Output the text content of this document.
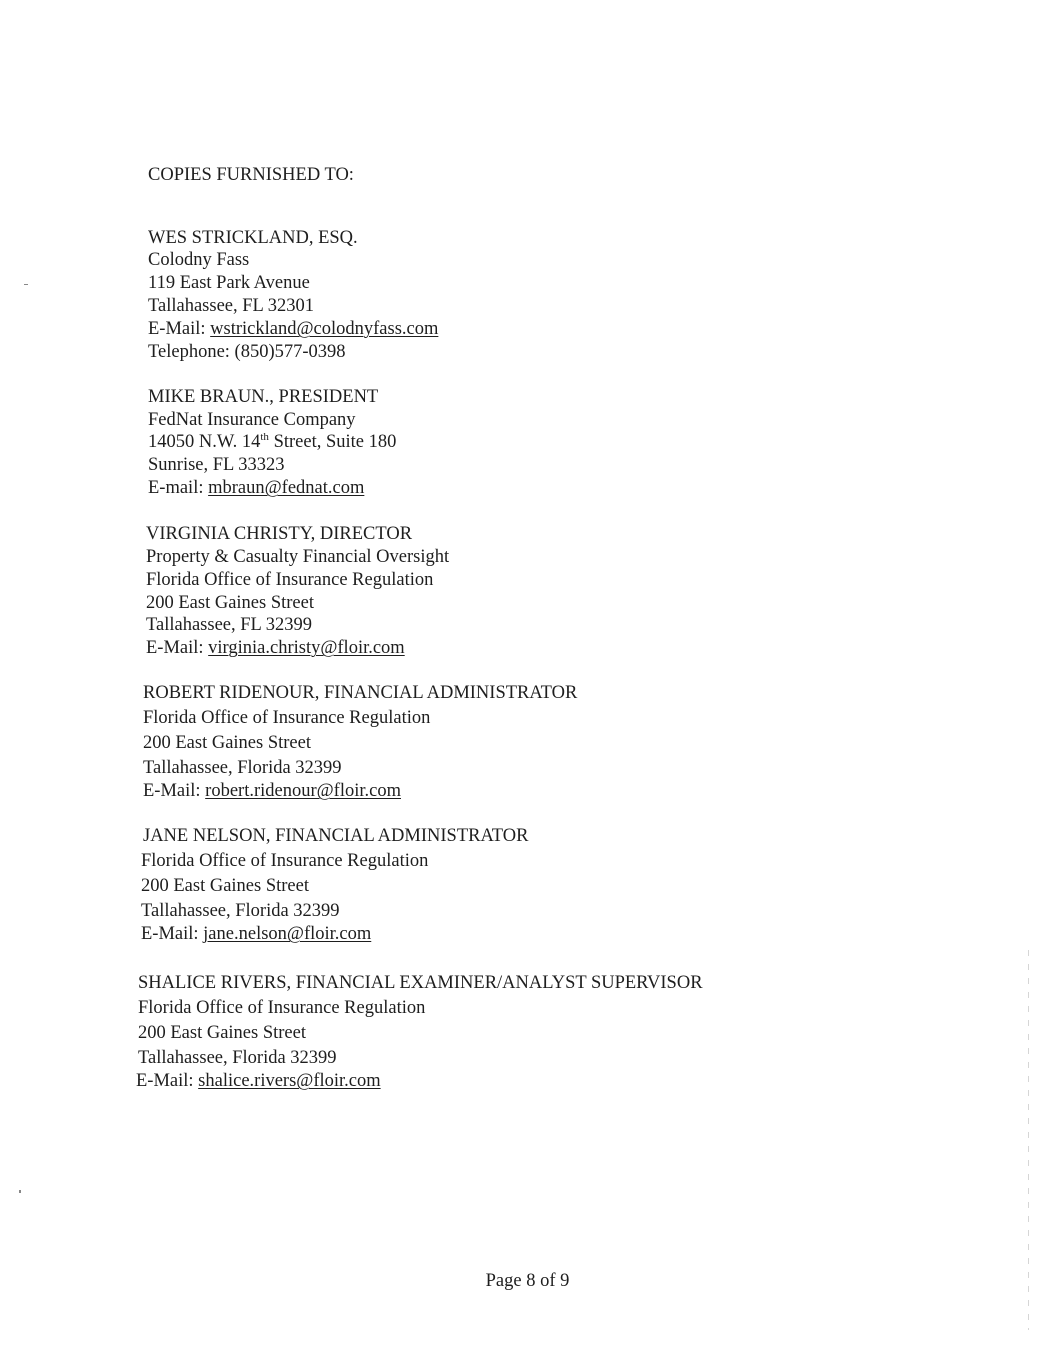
COPIES FURNISHED TO:
WES STRICKLAND, ESQ.
Colodny Fass
119 East Park Avenue
Tallahassee, FL 32301
E-Mail: wstrickland@colodnyfass.com
Telephone: (850)577-0398
MIKE BRAUN., PRESIDENT
FedNat Insurance Company
14050 N.W. 14th Street, Suite 180
Sunrise, FL 33323
E-mail: mbraun@fednat.com
VIRGINIA CHRISTY, DIRECTOR
Property & Casualty Financial Oversight
Florida Office of Insurance Regulation
200 East Gaines Street
Tallahassee, FL 32399
E-Mail: virginia.christy@floir.com
ROBERT RIDENOUR, FINANCIAL ADMINISTRATOR
Florida Office of Insurance Regulation
200 East Gaines Street
Tallahassee, Florida 32399
E-Mail: robert.ridenour@floir.com
JANE NELSON, FINANCIAL ADMINISTRATOR
Florida Office of Insurance Regulation
200 East Gaines Street
Tallahassee, Florida 32399
E-Mail: jane.nelson@floir.com
SHALICE RIVERS, FINANCIAL EXAMINER/ANALYST SUPERVISOR
Florida Office of Insurance Regulation
200 East Gaines Street
Tallahassee, Florida 32399
E-Mail: shalice.rivers@floir.com
Page 8 of 9
